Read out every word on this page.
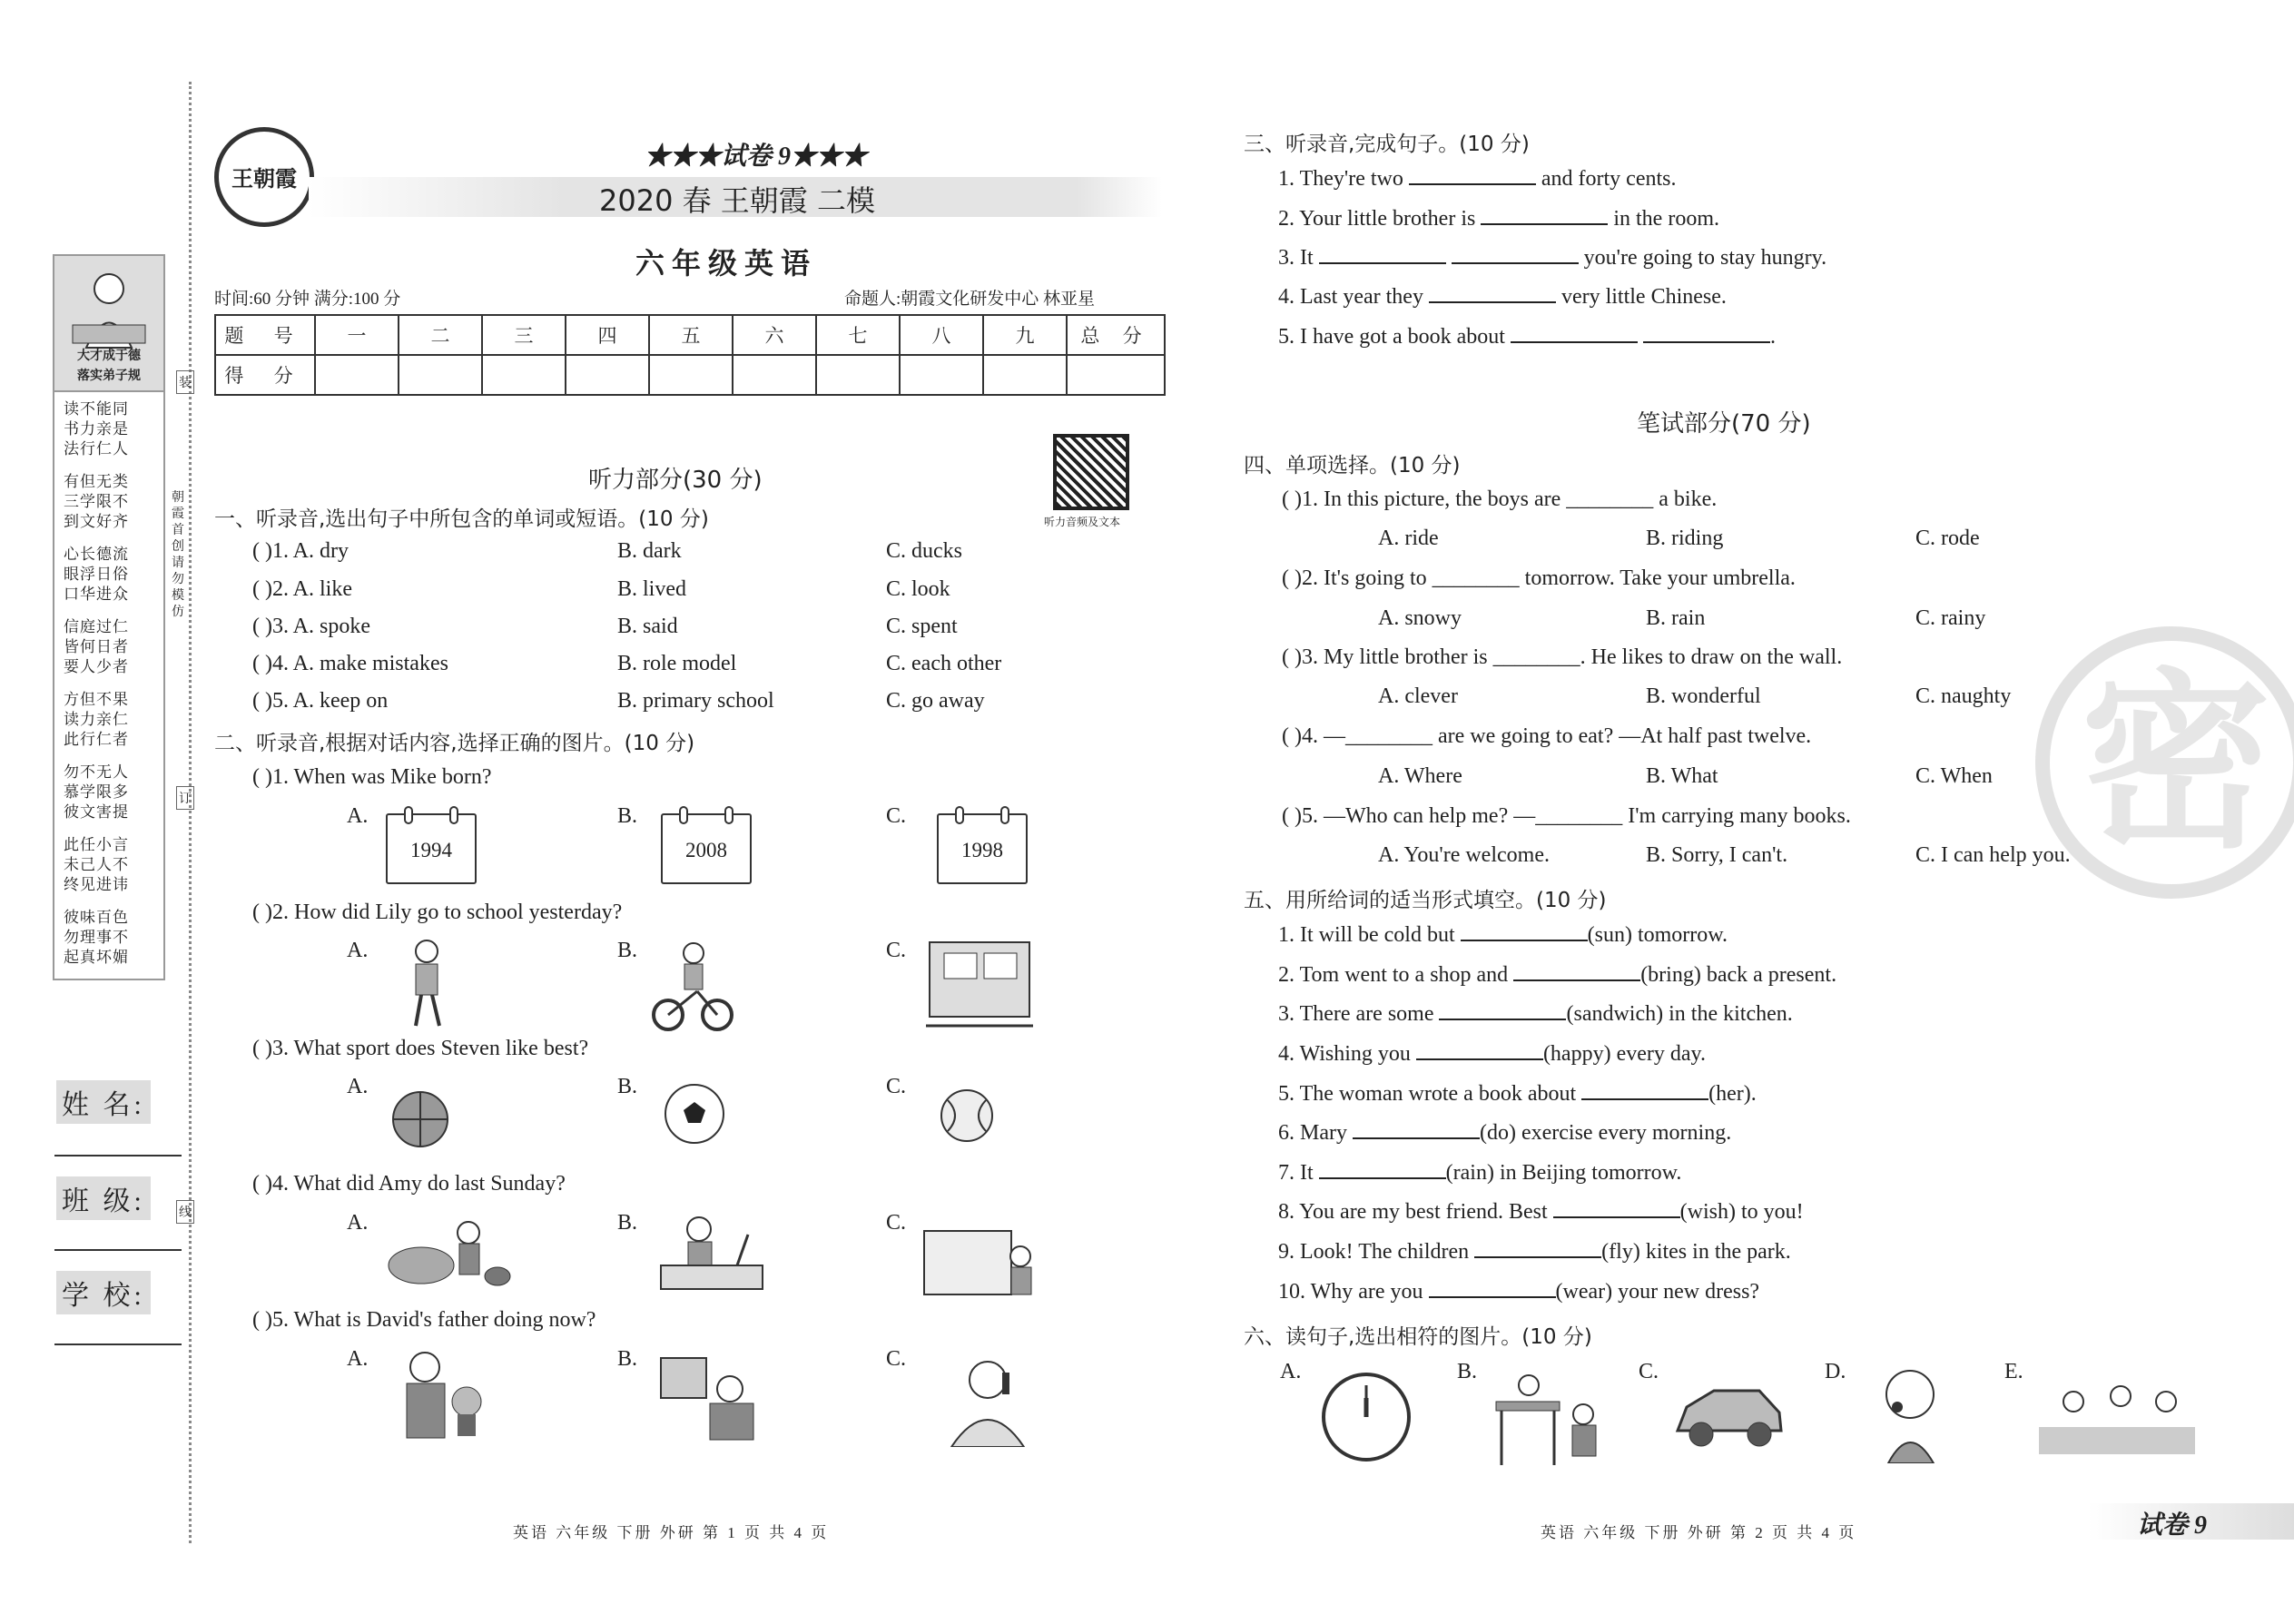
大才成于德
落实弟子规
读不能同
书力亲是
法行仁人
有但无类
三学限不
到文好齐
心长德流
眼浮日俗
口华进众
信庭过仁
皆何日者
要人少者
方但不果
读力亲仁
此行仁者
勿不无人
慕学限多
彼文害提
此任小言
未己人不
终见进讳
彼味百色
勿理事不
起真坏媚
朝霞首创 请勿模仿
装
订
线
姓 名:
班 级:
学 校:
王朝霞
★★★试卷 9★★★
2020 春 王朝霞 二模
六年级英语
时间:60 分钟 满分:100 分	命题人:朝霞文化研发中心 林亚星
题 号	一	二	三	四	五	六	七	八	九	总 分
得 分										
听力部分(30 分)
听力音频及文本
一、听录音,选出句子中所包含的单词或短语。(10 分)
( )1. A. dry	B. dark	C. ducks
( )2. A. like	B. lived	C. look
( )3. A. spoke	B. said	C. spent
( )4. A. make mistakes	B. role model	C. each other
( )5. A. keep on	B. primary school	C. go away
二、听录音,根据对话内容,选择正确的图片。(10 分)
( )1. When was Mike born?
A.	B.	C.
1994	2008	1998
( )2. How did Lily go to school yesterday?
A.	B.	C.
( )3. What sport does Steven like best?
A.	B.	C.
( )4. What did Amy do last Sunday?
A.	B.	C.
( )5. What is David's father doing now?
A.	B.	C.
英语 六年级 下册 外研 第 1 页 共 4 页
三、听录音,完成句子。(10 分)
1. They're two	and forty cents.
2. Your little brother is	in the room.
3. It	you're going to stay hungry.
4. Last year they	very little Chinese.
5. I have got a book about	.
笔试部分(70 分)
四、单项选择。(10 分)
( )1. In this picture, the boys are ________ a bike.
A. ride	B. riding	C. rode
( )2. It's going to ________ tomorrow. Take your umbrella.
A. snowy	B. rain	C. rainy
( )3. My little brother is ________. He likes to draw on the wall.
A. clever	B. wonderful	C. naughty
( )4. —________ are we going to eat? —At half past twelve.
A. Where	B. What	C. When
( )5. —Who can help me? —________ I'm carrying many books.
A. You're welcome.	B. Sorry, I can't.	C. I can help you.
五、用所给词的适当形式填空。(10 分)
1. It will be cold but	(sun) tomorrow.
2. Tom went to a shop and	(bring) back a present.
3. There are some	(sandwich) in the kitchen.
4. Wishing you	(happy) every day.
5. The woman wrote a book about	(her).
6. Mary	(do) exercise every morning.
7. It	(rain) in Beijing tomorrow.
8. You are my best friend. Best	(wish) to you!
9. Look! The children	(fly) kites in the park.
10. Why are you	(wear) your new dress?
六、读句子,选出相符的图片。(10 分)
A.	B.	C.	D.	E.
英语 六年级 下册 外研 第 2 页 共 4 页	试卷 9
密
